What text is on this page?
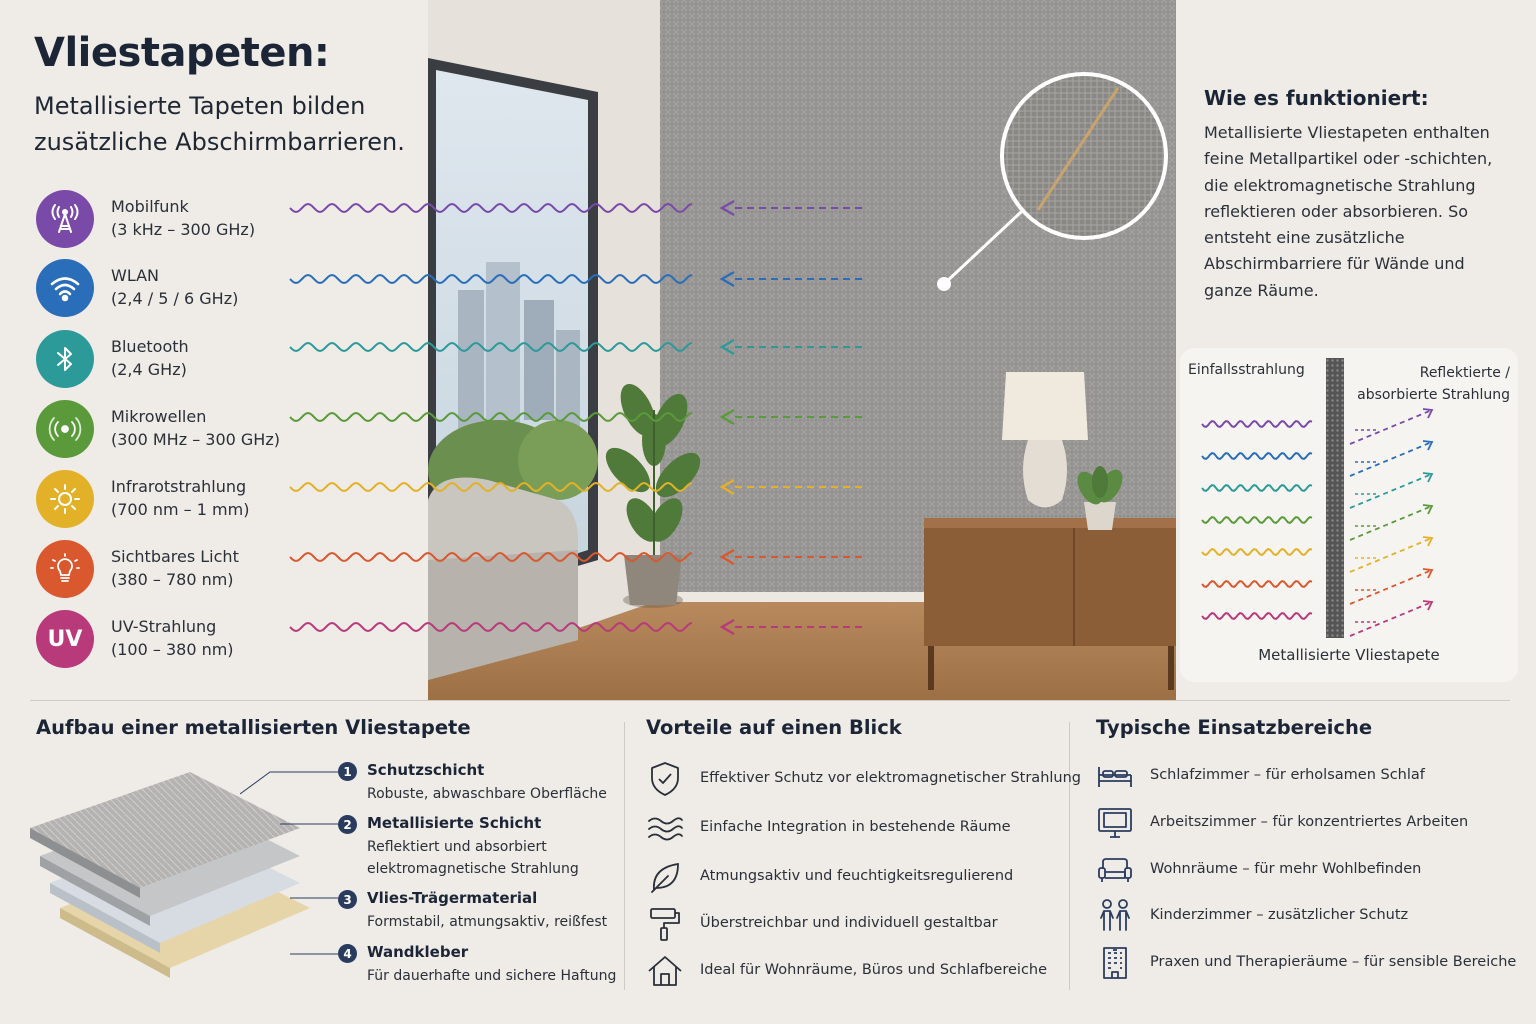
Vliestapeten:
Metallisierte Tapeten bilden zusätzliche Abschirmbarrieren.
Mobilfunk
(3 kHz – 300 GHz)
WLAN
(2,4 / 5 / 6 GHz)
Bluetooth
(2,4 GHz)
Mikrowellen
(300 MHz – 300 GHz)
Infrarotstrahlung
(700 nm – 1 mm)
Sichtbares Licht
(380 – 780 nm)
UV UV-Strahlung
(100 – 380 nm)
Wie es funktioniert:
Metallisierte Vliestapeten enthalten feine Metallpartikel oder -schichten, die elektromagnetische Strahlung reflektieren oder absorbieren. So entsteht eine zusätzliche Abschirmbarriere für Wände und ganze Räume.
Einfallsstrahlung	Reflektierte / absorbierte Strahlung
Metallisierte Vliestapete
Aufbau einer metallisierten Vliestapete
1	Schutzschicht
Robuste, abwaschbare Oberfläche
2	Metallisierte Schicht
Reflektiert und absorbiert elektromagnetische Strahlung
3	Vlies-Trägermaterial
Formstabil, atmungsaktiv, reißfest
4	Wandkleber
Für dauerhafte und sichere Haftung
Vorteile auf einen Blick
Effektiver Schutz vor elektromagnetischer Strahlung
Einfache Integration in bestehende Räume
Atmungsaktiv und feuchtigkeitsregulierend
Überstreichbar und individuell gestaltbar
Ideal für Wohnräume, Büros und Schlafbereiche
Typische Einsatzbereiche
Schlafzimmer – für erholsamen Schlaf
Arbeitszimmer – für konzentriertes Arbeiten
Wohnräume – für mehr Wohlbefinden
Kinderzimmer – zusätzlicher Schutz
Praxen und Therapieräume – für sensible Bereiche
